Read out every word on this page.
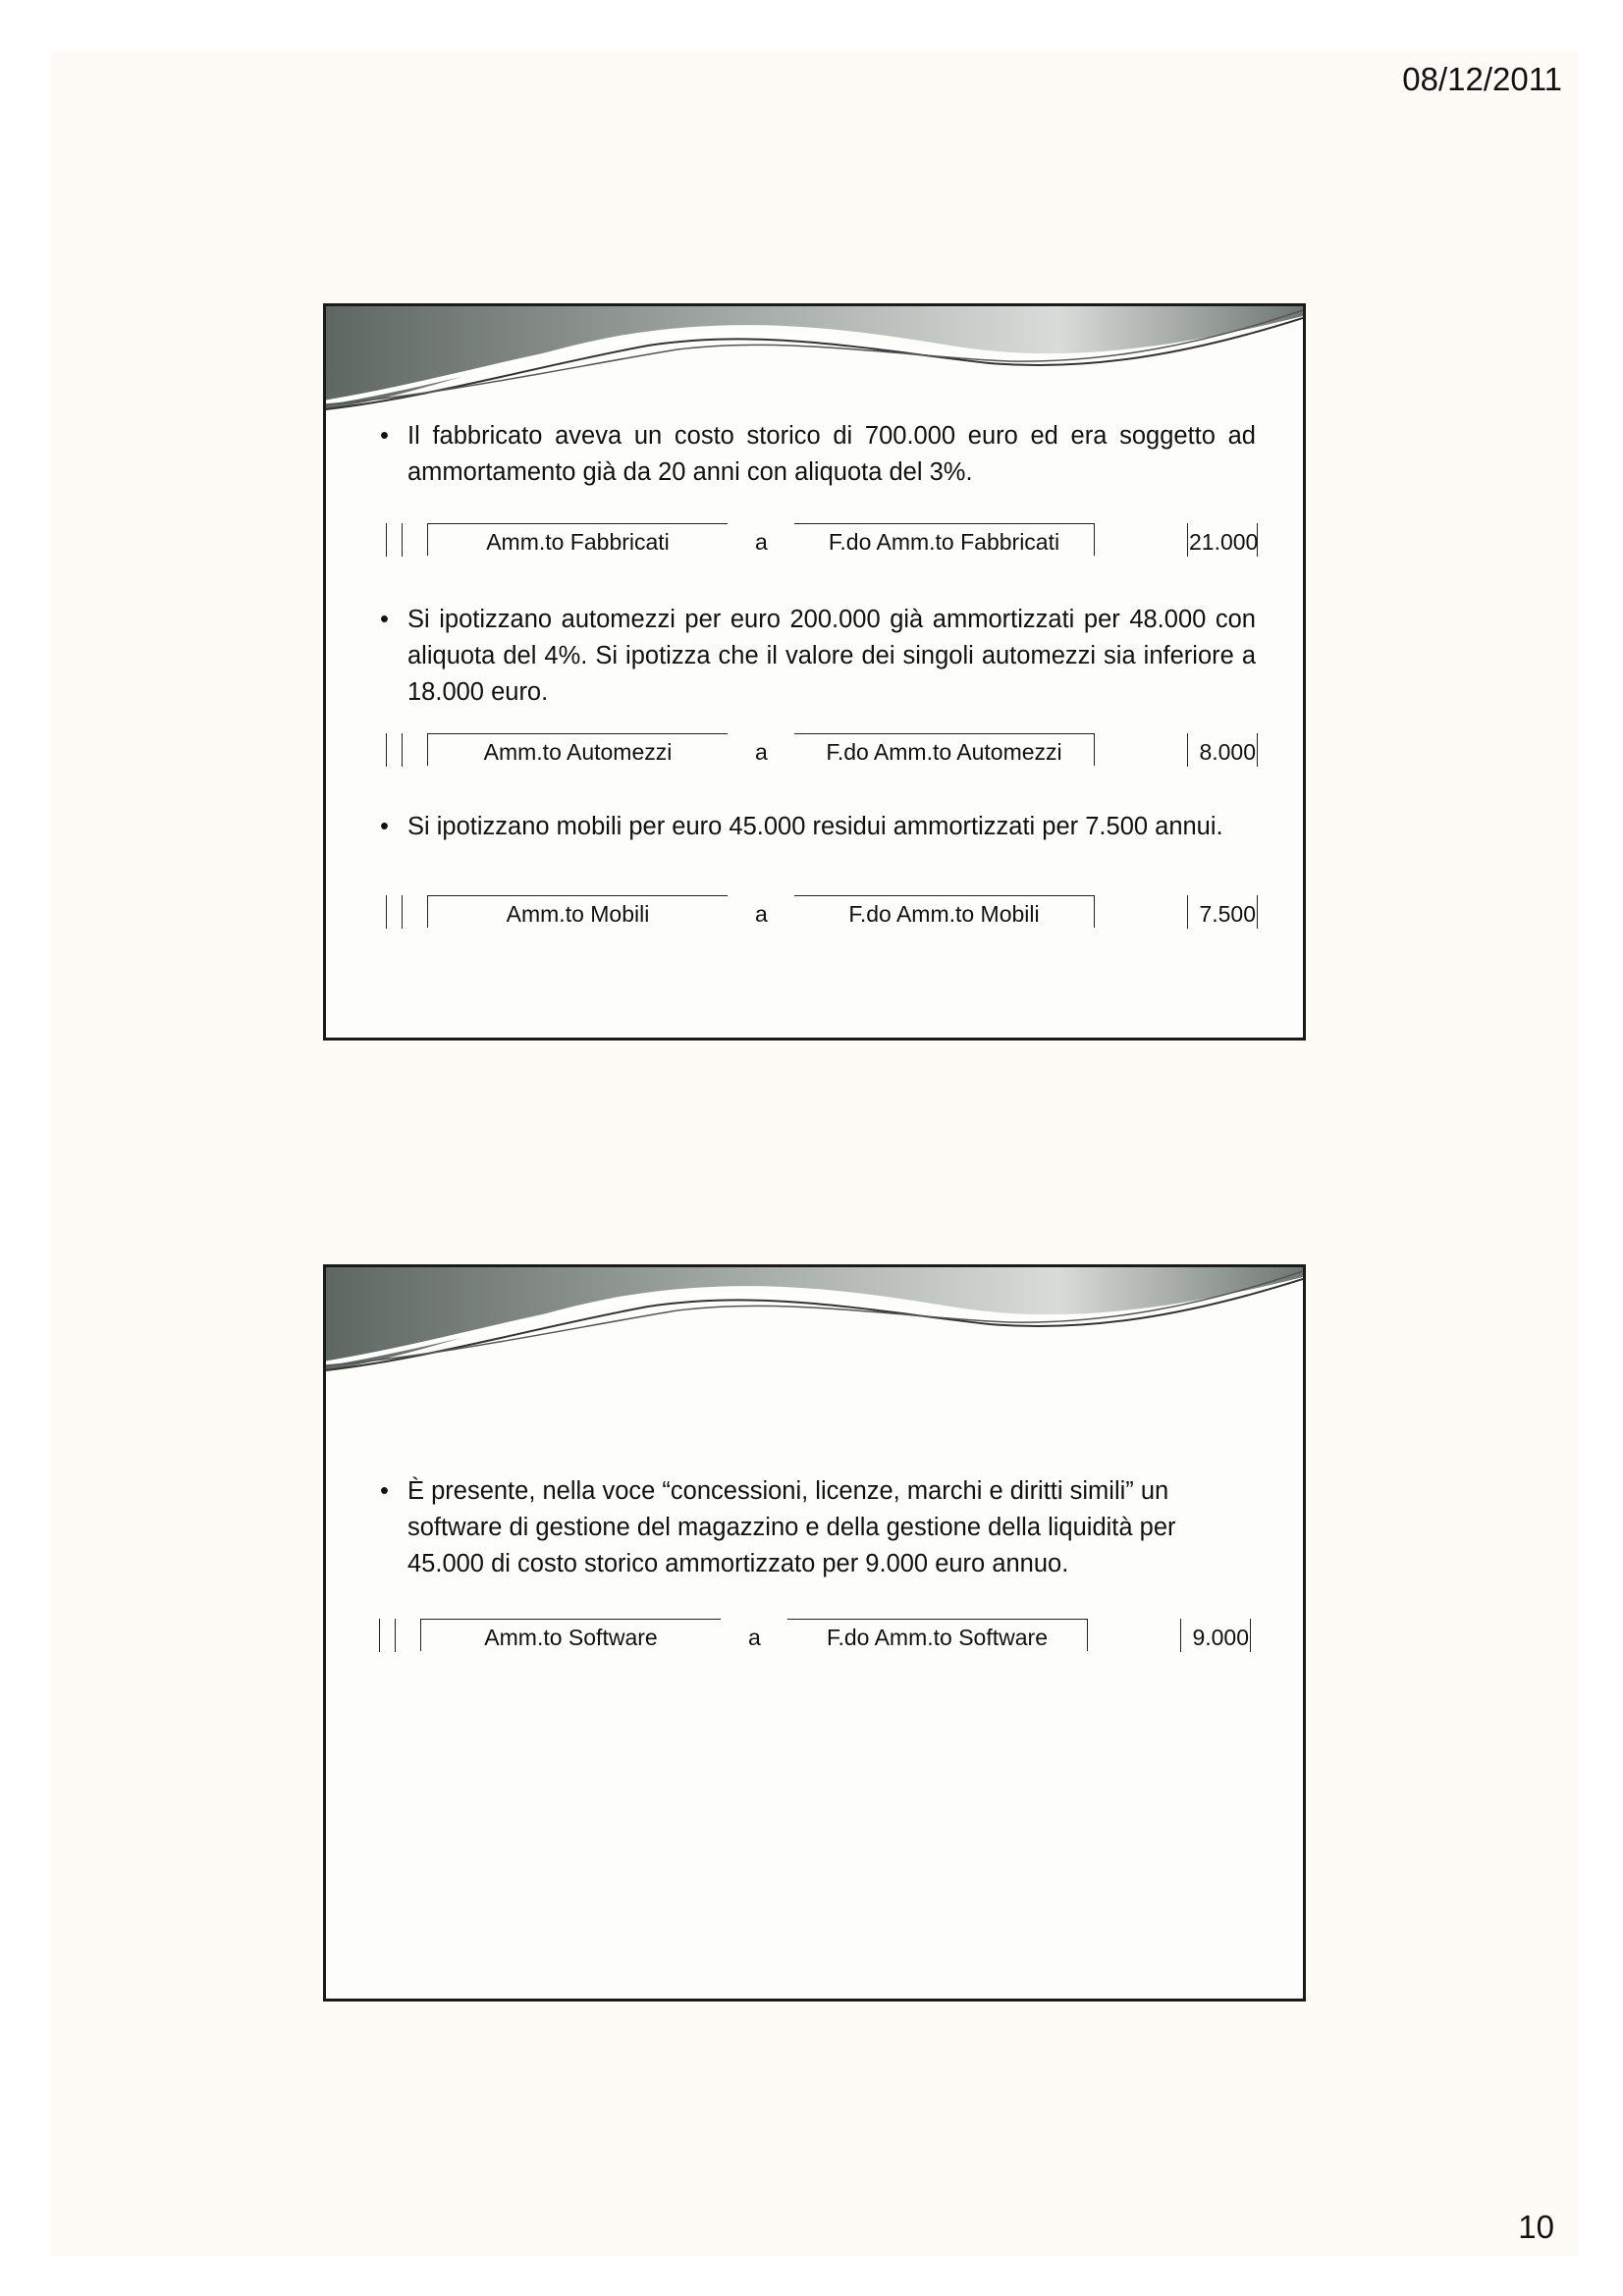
08/12/2011
• Il fabbricato aveva un costo storico di 700.000 euro ed era soggetto ad ammortamento già da 20 anni con aliquota del 3%.
Amm.to Fabbricati	a	F.do Amm.to Fabbricati	21.000
• Si ipotizzano automezzi per euro 200.000 già ammortizzati per 48.000 con aliquota del 4%. Si ipotizza che il valore dei singoli automezzi sia inferiore a 18.000 euro.
Amm.to Automezzi	a	F.do Amm.to Automezzi	8.000
• Si ipotizzano mobili per euro 45.000 residui ammortizzati per 7.500 annui.
Amm.to Mobili	a	F.do Amm.to Mobili	7.500
• È presente, nella voce “concessioni, licenze, marchi e diritti simili” un software di gestione del magazzino e della gestione della liquidità per 45.000 di costo storico ammortizzato per 9.000 euro annuo.
Amm.to Software	a	F.do Amm.to Software	9.000
10
